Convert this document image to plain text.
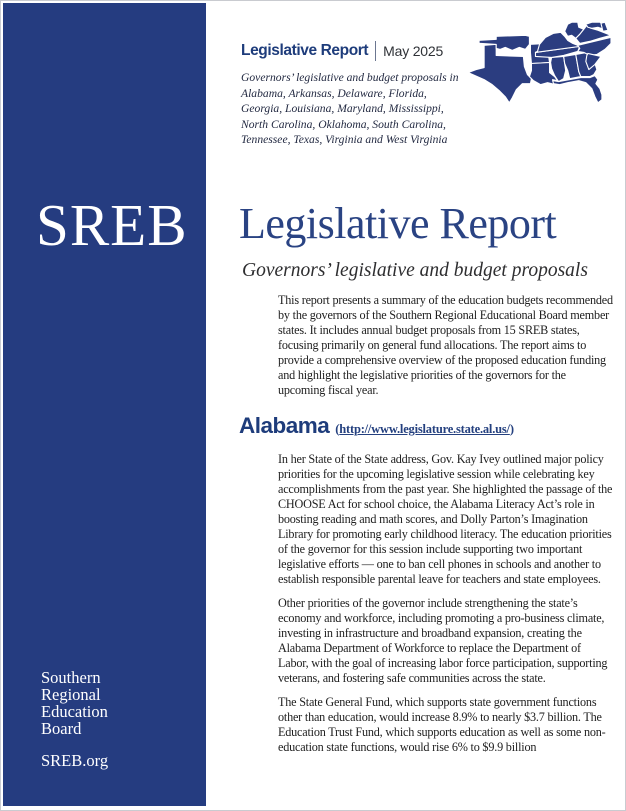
SREB
Southern
Regional
Education
Board
SREB.org
Legislative Report May 2025
Governors’ legislative and budget proposals in Alabama, Arkansas, Delaware, Florida, Georgia, Louisiana, Maryland, Mississippi, North Carolina, Oklahoma, South Carolina, Tennessee, Texas, Virginia and West Virginia
Legislative Report
Governors’ legislative and budget proposals

This report presents a summary of the education budgets recommended by the governors of the Southern Regional Educational Board member states. It includes annual budget proposals from 15 SREB states, focusing primarily on general fund allocations. The report aims to provide a comprehensive overview of the proposed education funding and highlight the legislative priorities of the governors for the upcoming fiscal year.

Alabama (http://www.legislature.state.al.us/)

In her State of the State address, Gov. Kay Ivey outlined major policy priorities for the upcoming legislative session while celebrating key accomplishments from the past year. She highlighted the passage of the CHOOSE Act for school choice, the Alabama Literacy Act’s role in boosting reading and math scores, and Dolly Parton’s Imagination Library for promoting early childhood literacy. The education priorities of the governor for this session include supporting two important legislative efforts — one to ban cell phones in schools and another to establish responsible parental leave for teachers and state employees.

Other priorities of the governor include strengthening the state’s economy and workforce, including promoting a pro-business climate, investing in infrastructure and broadband expansion, creating the Alabama Department of Workforce to replace the Department of Labor, with the goal of increasing labor force participation, supporting veterans, and fostering safe communities across the state.

The State General Fund, which supports state government functions other than education, would increase 8.9% to nearly $3.7 billion. The Education Trust Fund, which supports education as well as some non-education state functions, would rise 6% to $9.9 billion
